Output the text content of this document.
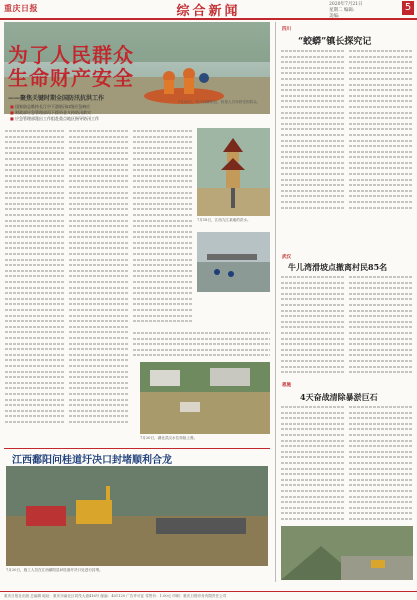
重庆日报	综合新闻	2020年7月21日
星期二 编辑:
美编:
5
为了人民群众
生命财产安全
——聚焦关键时期全国防汛抗洪工作	7月20日，在江西鄱阳县，救援人员转移受困群众。
■ 国家防总维持长江中下游防汛II级应急响应
■ 财政部应急管理部再下拨资金支持防汛救灾
■ 应急管理部派出工作组赴重点地区指导防汛工作
7月18日，江西九江某地的洪水。
7月20日，湖北武汉水位持续上涨。
江西鄱阳问桂道圩决口封堵顺利合龙
7月20日，施工人员在江西鄱阳县问桂道圩决口处进行封堵。
四川
“蛟蟒”镇长探究记
武汉
牛儿湾滑坡点撤离村民85名
恩施
4天奋战清除暴淤巨石
重庆日报社出版 总编辑 地址：重庆市渝北区同茂大道416号 邮编：401120 广告许可证 零售价：1.00元 印刷：重庆日报印务有限责任公司
